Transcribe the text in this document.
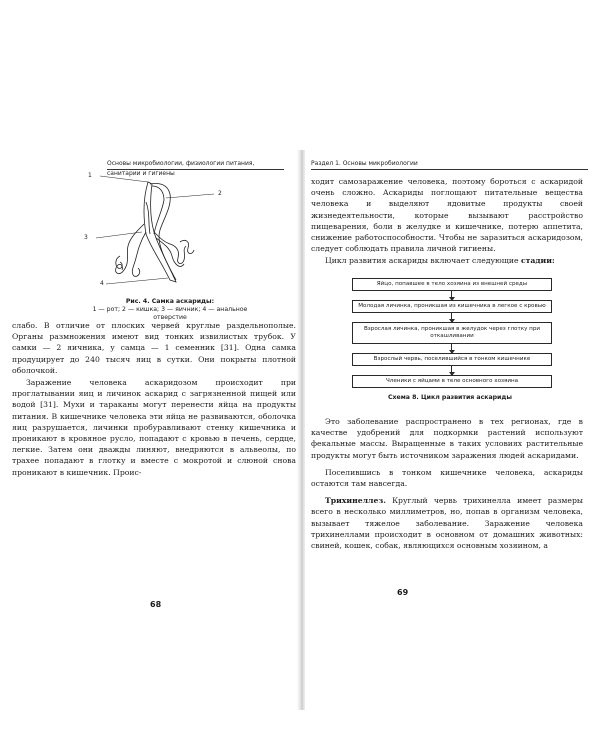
Основы микробиологии, физиологии питания, санитарии и гигиены
1
2
3
4
Рис. 4. Самка аскариды:
1 — рот; 2 — кишка; 3 — яичник; 4 — анальное отверстие

слабо. В отличие от плоских червей круглые раздельнополые. Органы размножения имеют вид тонких извилистых трубок. У самки — 2 яичника, у самца — 1 семенник [31]. Одна самка продуцирует до 240 тысяч яиц в сутки. Они покрыты плотной оболочкой.

Заражение человека аскаридозом происходит при проглатывании яиц и личинок аскарид с загрязненной пищей или водой [31]. Мухи и тараканы могут перенести яйца на продукты питания. В кишечнике человека эти яйца не развиваются, оболочка яиц разрушается, личинки пробуравливают стенку кишечника и проникают в кровяное русло, попадают с кровью в печень, сердце, легкие. Затем они дважды линяют, внедряются в альвеолы, по трахее попадают в глотку и вместе с мокротой и слюной снова проникают в кишечник. Проис-

68
Раздел 1. Основы микробиологии

ходит самозаражение человека, поэтому бороться с аскаридой очень сложно. Аскариды поглощают питательные вещества человека и выделяют ядовитые продукты своей жизнедеятельности, которые вызывают расстройство пищеварения, боли в желудке и кишечнике, потерю аппетита, снижение работоспособности. Чтобы не заразиться аскаридозом, следует соблюдать правила личной гигиены.

Цикл развития аскариды включает следующие стадии:

Яйцо, попавшее в тело хозяина из внешней среды
Молодая личинка, проникшая из кишечника в легкое с кровью
Взрослая личинка, проникшая в желудок через глотку при откашливании
Взрослый червь, поселившийся в тонком кишечнике
Членики с яйцами в теле основного хозяина
Схема 8. Цикл развития аскариды

Это заболевание распространено в тех регионах, где в качестве удобрений для подкормки растений используют фекальные массы. Выращенные в таких условиях растительные продукты могут быть источником заражения людей аскаридами.

Поселившись в тонком кишечнике человека, аскариды остаются там навсегда.

Трихинеллез. Круглый червь трихинелла имеет размеры всего в несколько миллиметров, но, попав в организм человека, вызывает тяжелое заболевание. Заражение человека трихинеллами происходит в основном от домашних животных: свиней, кошек, собак, являющихся основным хозяином, а

69
